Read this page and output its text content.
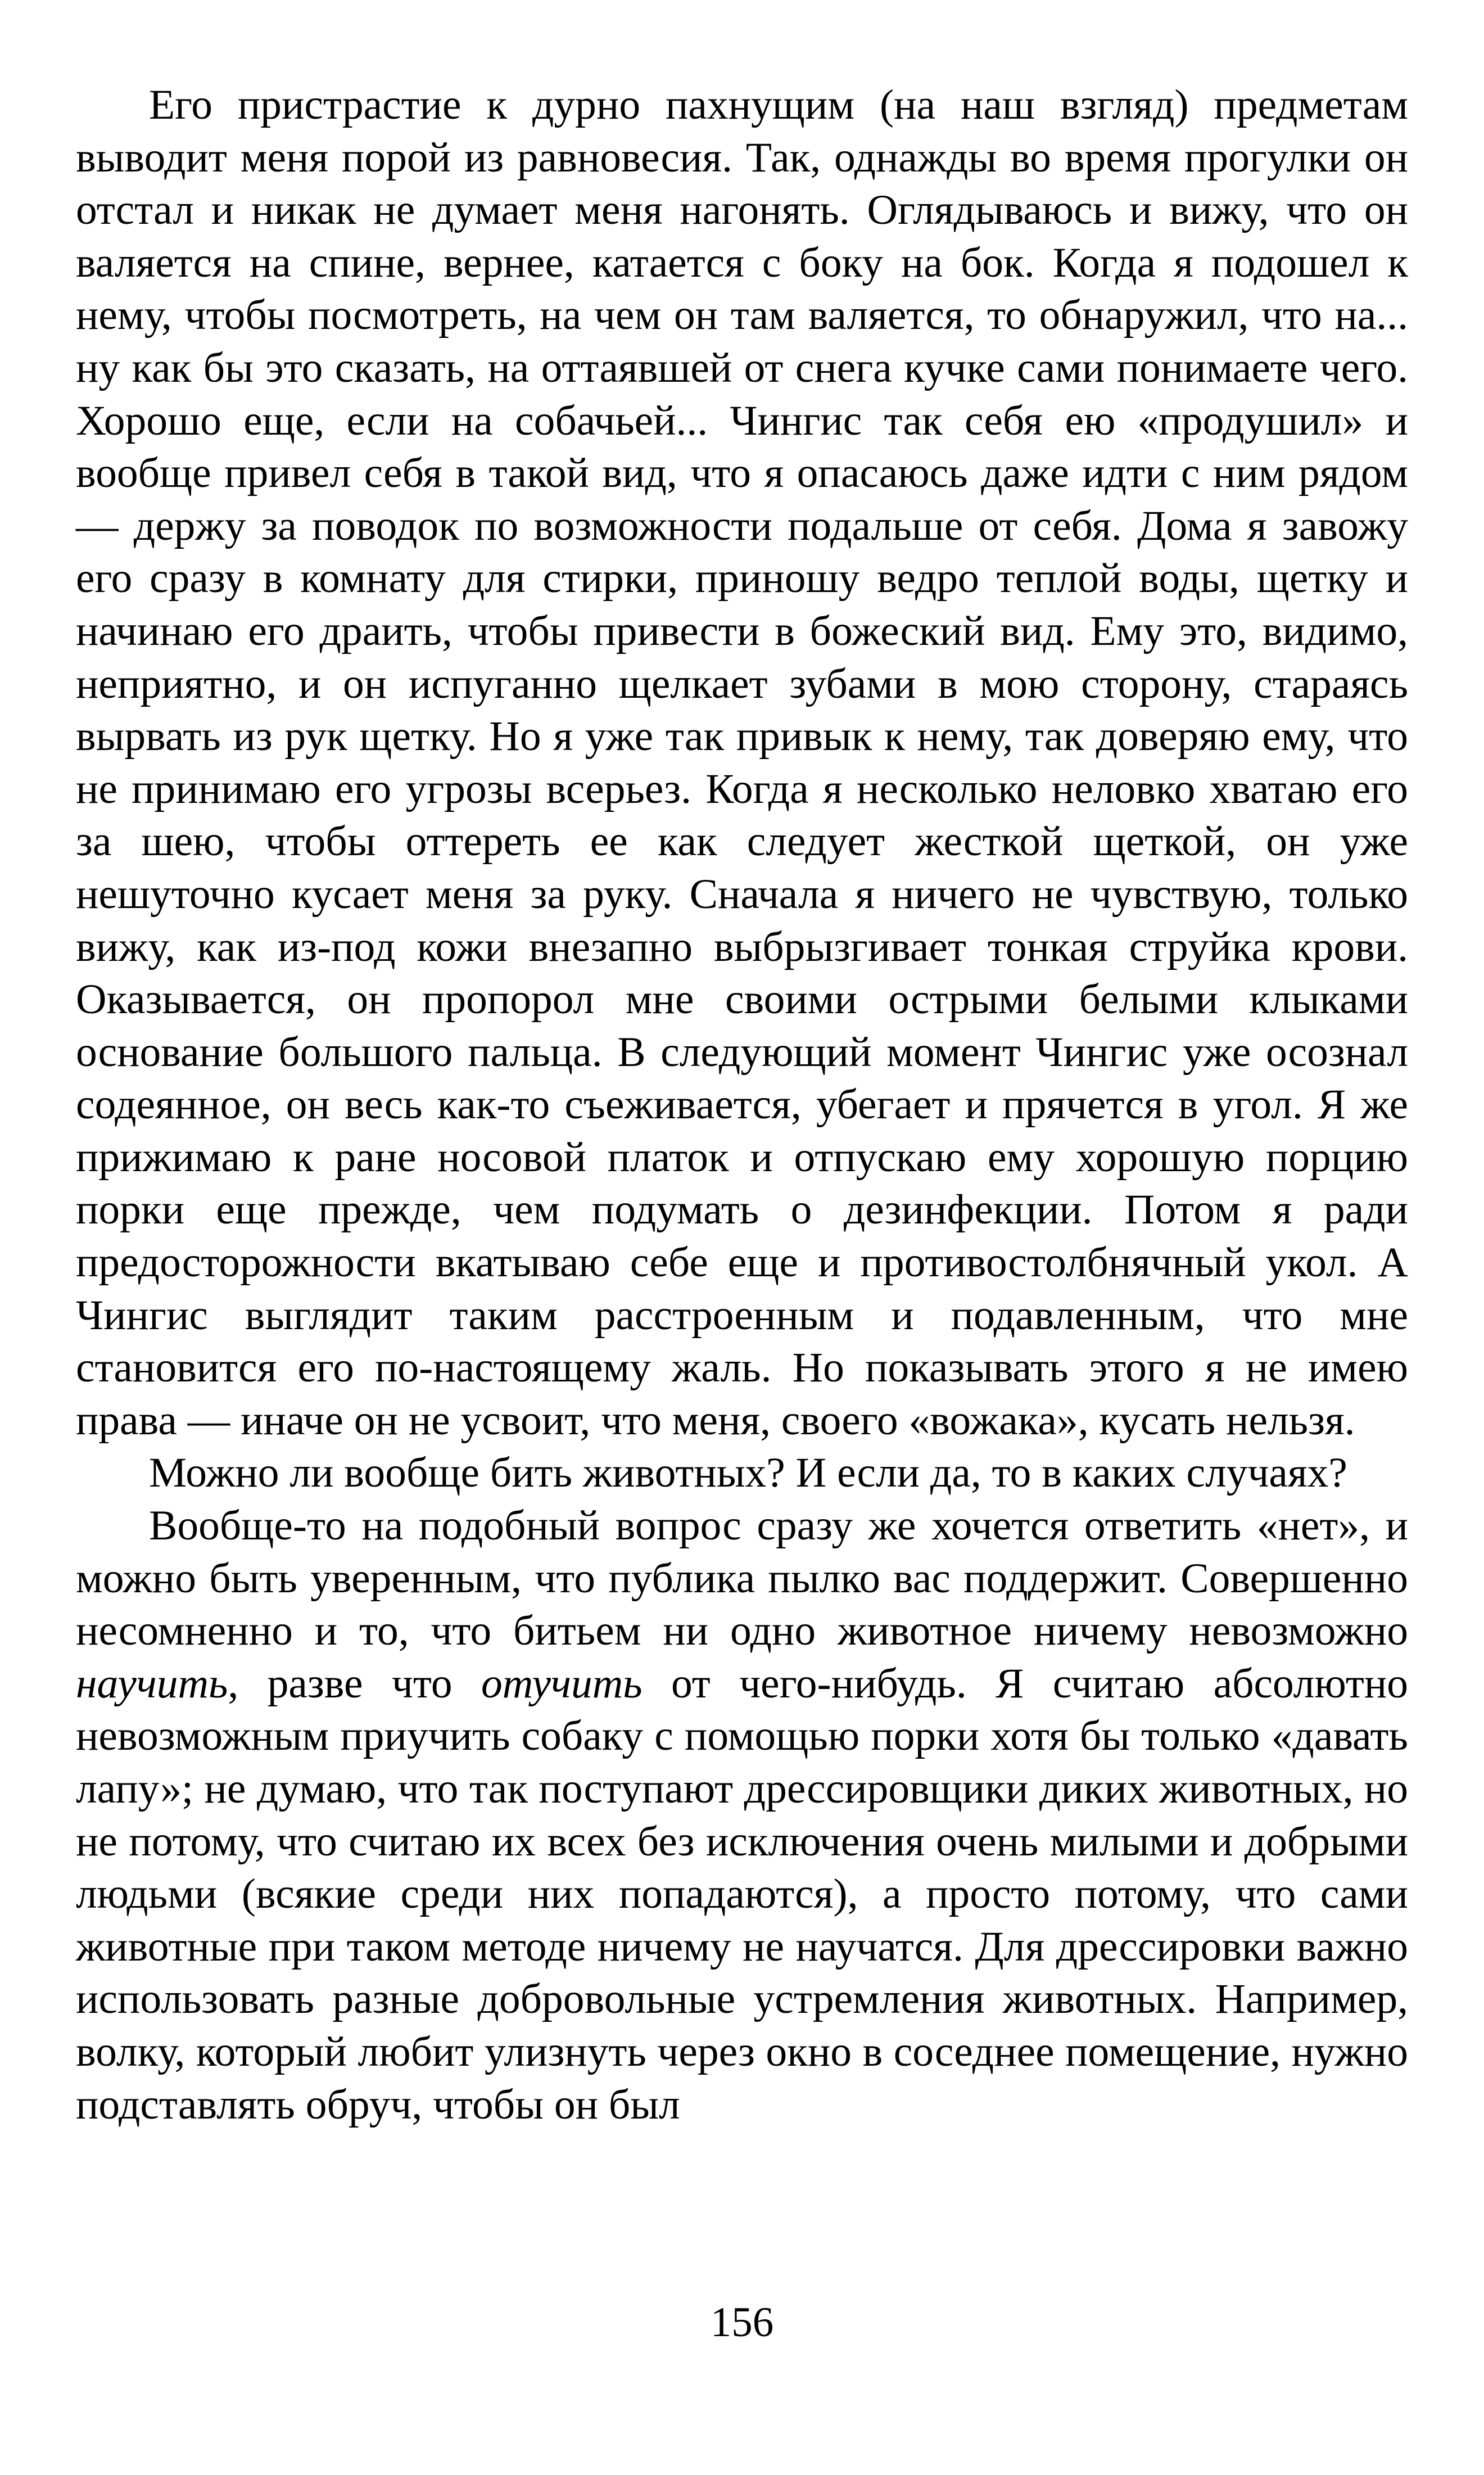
Его пристрастие к дурно пахнущим (на наш взгляд) предметам выводит меня порой из равновесия. Так, однажды во время прогулки он отстал и никак не думает меня нагонять. Оглядываюсь и вижу, что он валяется на спине, вернее, катается с боку на бок. Когда я подошел к нему, чтобы посмотреть, на чем он там валяется, то обнаружил, что на... ну как бы это сказать, на оттаявшей от снега кучке сами понимаете чего. Хорошо еще, если на собачьей... Чингис так себя ею «продушил» и вообще привел себя в такой вид, что я опасаюсь даже идти с ним рядом — держу за поводок по возможности подальше от себя. Дома я завожу его сразу в комнату для стирки, приношу ведро теплой воды, щетку и начинаю его драить, чтобы привести в божеский вид. Ему это, видимо, неприятно, и он испуганно щелкает зубами в мою сторону, стараясь вырвать из рук щетку. Но я уже так привык к нему, так доверяю ему, что не принимаю его угрозы всерьез. Когда я несколько неловко хватаю его за шею, чтобы оттереть ее как следует жесткой щеткой, он уже нешуточно кусает меня за руку. Сначала я ничего не чувствую, только вижу, как из-под кожи внезапно выбрызгивает тонкая струйка крови. Оказывается, он пропорол мне своими острыми белыми клыками основание большого пальца. В следующий момент Чингис уже осознал содеянное, он весь как-то съеживается, убегает и прячется в угол. Я же прижимаю к ране носовой платок и отпускаю ему хорошую порцию порки еще прежде, чем подумать о дезинфекции. Потом я ради предосторожности вкатываю себе еще и противостолбнячный укол. А Чингис выглядит таким расстроенным и подавленным, что мне становится его по-настоящему жаль. Но показывать этого я не имею права — иначе он не усвоит, что меня, своего «вожака», кусать нельзя.

Можно ли вообще бить животных? И если да, то в каких случаях?

Вообще-то на подобный вопрос сразу же хочется ответить «нет», и можно быть уверенным, что публика пылко вас поддержит. Совершенно несомненно и то, что битьем ни одно животное ничему невозможно научить, разве что отучить от чего-нибудь. Я считаю абсолютно невозможным приучить собаку с помощью порки хотя бы только «давать лапу»; не думаю, что так поступают дрессировщики диких животных, но не потому, что считаю их всех без исключения очень милыми и добрыми людьми (всякие среди них попадаются), а просто потому, что сами животные при таком методе ничему не научатся. Для дрессировки важно использовать разные добровольные устремления животных. Например, волку, который любит улизнуть через окно в соседнее помещение, нужно подставлять обруч, чтобы он был

156
